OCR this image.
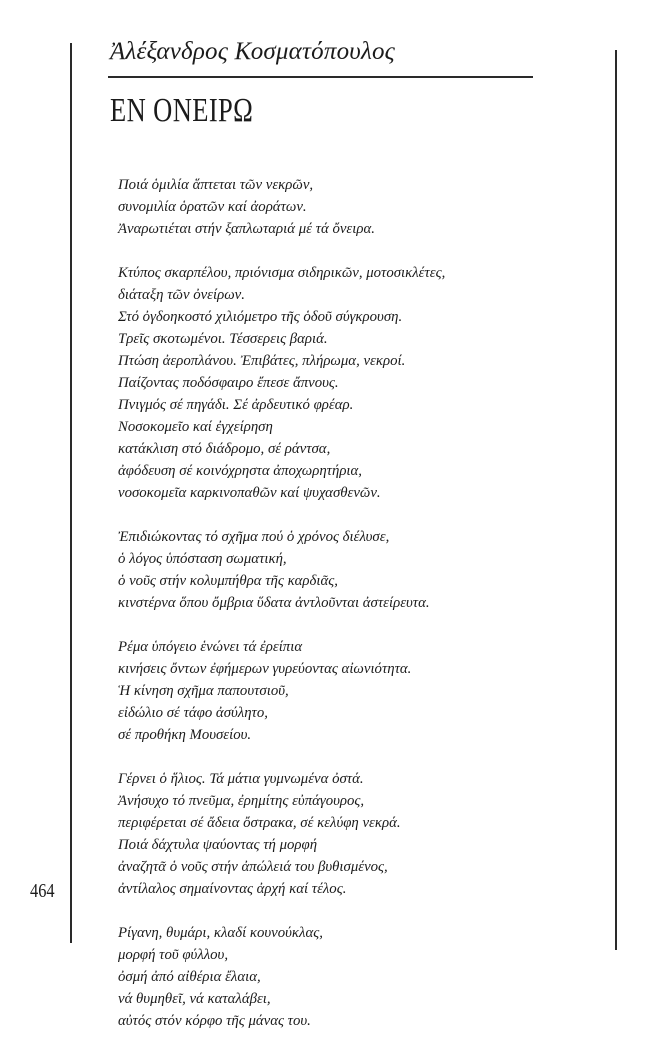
Ἀλέξανδρος Κοσματόπουλος
ΕΝ ΟΝΕΙΡΩ
Ποιά ὁμιλία ἅπτεται τῶν νεκρῶν,
συνομιλία ὁρατῶν καί ἀοράτων.
Ἀναρωτιέται στήν ξαπλωταριά μέ τά ὄνειρα.
Κτύπος σκαρπέλου, πριόνισμα σιδηρικῶν, μοτοσικλέτες,
διάταξη τῶν ὀνείρων.
Στό ὀγδοηκοστό χιλιόμετρο τῆς ὁδοῦ σύγκρουση.
Τρεῖς σκοτωμένοι. Τέσσερεις βαριά.
Πτώση ἀεροπλάνου. Ἐπιβάτες, πλήρωμα, νεκροί.
Παίζοντας ποδόσφαιρο ἔπεσε ἄπνους.
Πνιγμός σέ πηγάδι. Σέ ἀρδευτικό φρέαρ.
Νοσοκομεῖο καί ἐγχείρηση
κατάκλιση στό διάδρομο, σέ ράντσα,
ἀφόδευση σέ κοινόχρηστα ἀποχωρητήρια,
νοσοκομεῖα καρκινοπαθῶν καί ψυχασθενῶν.
Ἐπιδιώκοντας τό σχῆμα πού ὁ χρόνος διέλυσε,
ὁ λόγος ὑπόσταση σωματική,
ὁ νοῦς στήν κολυμπήθρα τῆς καρδιᾶς,
κινστέρνα ὅπου ὄμβρια ὕδατα ἀντλοῦνται ἀστείρευτα.
Ρέμα ὑπόγειο ἑνώνει τά ἐρείπια
κινήσεις ὄντων ἐφήμερων γυρεύοντας αἰωνιότητα.
Ἡ κίνηση σχῆμα παπουτσιοῦ,
εἰδώλιο σέ τάφο ἀσύλητο,
σέ προθήκη Μουσείου.
Γέρνει ὁ ἥλιος. Τά μάτια γυμνωμένα ὀστά.
Ἀνήσυχο τό πνεῦμα, ἐρημίτης εὐπάγουρος,
περιφέρεται σέ ἄδεια ὄστρακα, σέ κελύφη νεκρά.
Ποιά δάχτυλα ψαύοντας τή μορφή
ἀναζητᾶ ὁ νοῦς στήν ἀπώλειά του βυθισμένος,
ἀντίλαλος σημαίνοντας ἀρχή καί τέλος.
Ρίγανη, θυμάρι, κλαδί κουνούκλας,
μορφή τοῦ φύλλου,
ὀσμή ἀπό αἰθέρια ἔλαια,
νά θυμηθεῖ, νά καταλάβει,
αὐτός στόν κόρφο τῆς μάνας του.
464
